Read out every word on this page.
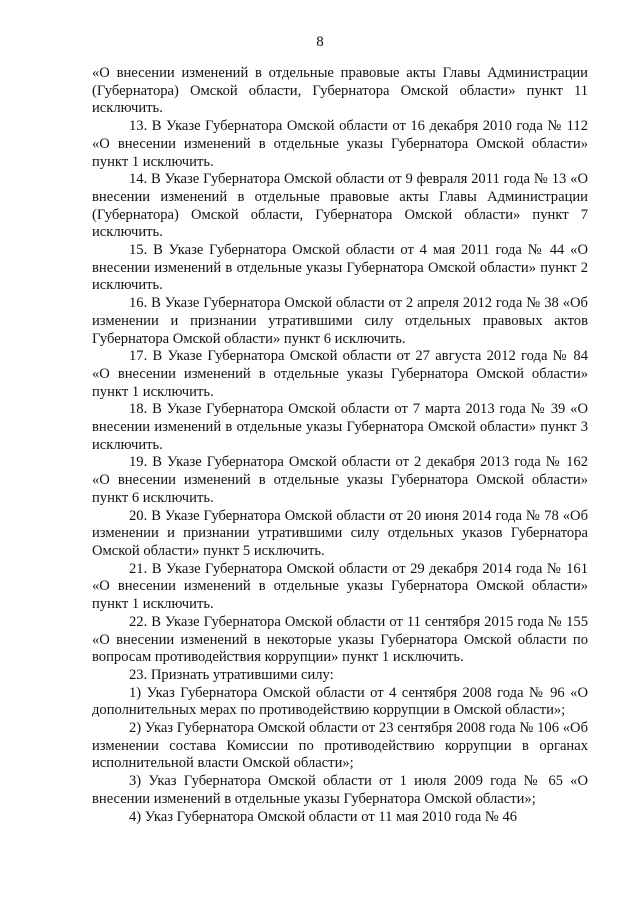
8

«О внесении изменений в отдельные правовые акты Главы Администрации (Губернатора) Омской области, Губернатора Омской области» пункт 11 исключить.

13. В Указе Губернатора Омской области от 16 декабря 2010 года № 112 «О внесении изменений в отдельные указы Губернатора Омской области» пункт 1 исключить.

14. В Указе Губернатора Омской области от 9 февраля 2011 года № 13 «О внесении изменений в отдельные правовые акты Главы Администрации (Губернатора) Омской области, Губернатора Омской области» пункт 7 исключить.

15. В Указе Губернатора Омской области от 4 мая 2011 года № 44 «О внесении изменений в отдельные указы Губернатора Омской области» пункт 2 исключить.

16. В Указе Губернатора Омской области от 2 апреля 2012 года № 38 «Об изменении и признании утратившими силу отдельных правовых актов Губернатора Омской области» пункт 6 исключить.

17. В Указе Губернатора Омской области от 27 августа 2012 года № 84 «О внесении изменений в отдельные указы Губернатора Омской области» пункт 1 исключить.

18. В Указе Губернатора Омской области от 7 марта 2013 года № 39 «О внесении изменений в отдельные указы Губернатора Омской области» пункт 3 исключить.

19. В Указе Губернатора Омской области от 2 декабря 2013 года № 162 «О внесении изменений в отдельные указы Губернатора Омской области» пункт 6 исключить.

20. В Указе Губернатора Омской области от 20 июня 2014 года № 78 «Об изменении и признании утратившими силу отдельных указов Губернатора Омской области» пункт 5 исключить.

21. В Указе Губернатора Омской области от 29 декабря 2014 года № 161 «О внесении изменений в отдельные указы Губернатора Омской области» пункт 1 исключить.

22. В Указе Губернатора Омской области от 11 сентября 2015 года № 155 «О внесении изменений в некоторые указы Губернатора Омской области по вопросам противодействия коррупции» пункт 1 исключить.

23. Признать утратившими силу:

1) Указ Губернатора Омской области от 4 сентября 2008 года № 96 «О дополнительных мерах по противодействию коррупции в Омской области»;

2) Указ Губернатора Омской области от 23 сентября 2008 года № 106 «Об изменении состава Комиссии по противодействию коррупции в органах исполнительной власти Омской области»;

3) Указ Губернатора Омской области от 1 июля 2009 года № 65 «О внесении изменений в отдельные указы Губернатора Омской области»;

4) Указ Губернатора Омской области от 11 мая 2010 года № 46
